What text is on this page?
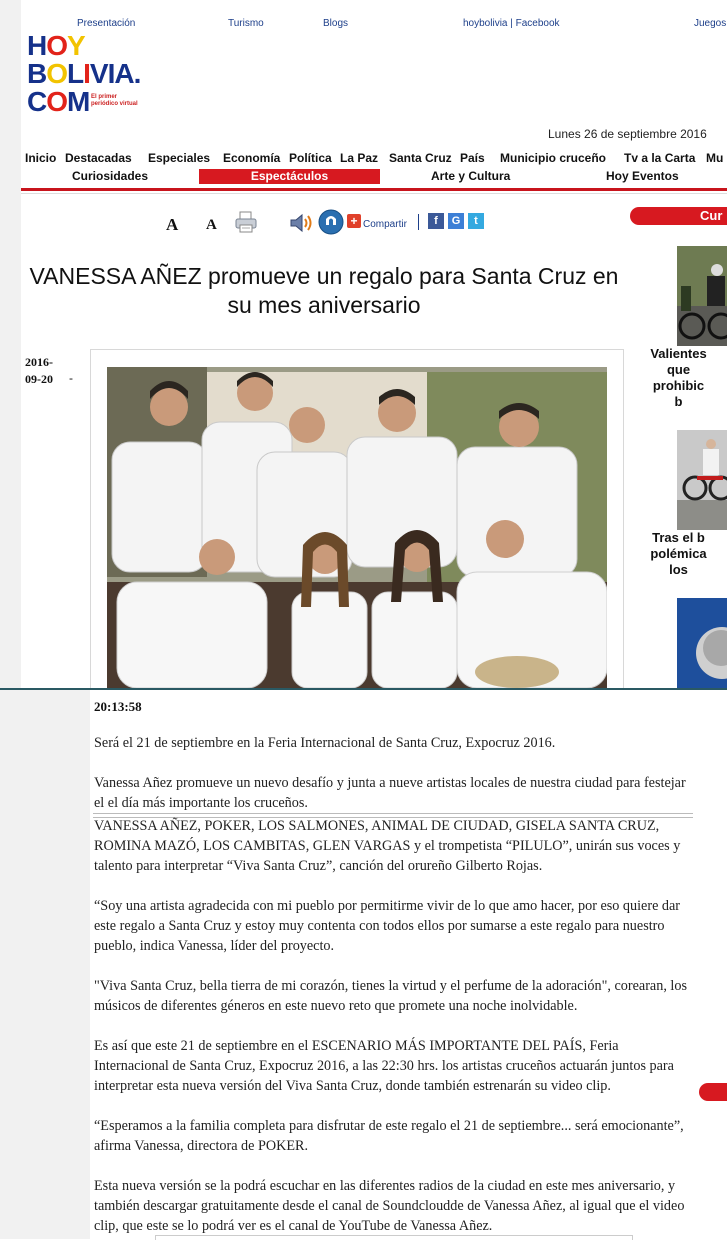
Presentación	Turismo	Blogs	hoybolivia | Facebook	Juegos
HOY
BOLIVIA.
COM El primer periódico virtual
Lunes 26 de septiembre 2016
Inicio Destacadas Especiales Economía Política La Paz Santa Cruz País Municipio cruceño Tv a la Carta Mu
Curiosidades	Espectáculos	Arte y Cultura	Hoy Eventos
A A	+ Compartir	f	G	t	Cur
Valientes
que
prohibic
b
Tras el b
polémica
los
VANESSA AÑEZ promueve un regalo para Santa Cruz en su mes aniversario
2016-
09-20 -
20:13:58

Será el 21 de septiembre en la Feria Internacional de Santa Cruz, Expocruz 2016.

Vanessa Añez promueve un nuevo desafío y junta a nueve artistas locales de nuestra ciudad para festejar el el día más importante los cruceños.

VANESSA AÑEZ, POKER, LOS SALMONES, ANIMAL DE CIUDAD, GISELA SANTA CRUZ, ROMINA MAZÓ, LOS CAMBITAS, GLEN VARGAS y el trompetista “PILULO”, unirán sus voces y talento para interpretar “Viva Santa Cruz”, canción del orureño Gilberto Rojas.

“Soy una artista agradecida con mi pueblo por permitirme vivir de lo que amo hacer, por eso quiere dar este regalo a Santa Cruz y estoy muy contenta con todos ellos por sumarse a este regalo para nuestro pueblo, indica Vanessa, líder del proyecto.

"Viva Santa Cruz, bella tierra de mi corazón, tienes la virtud y el perfume de la adoración", corearan, los músicos de diferentes géneros en este nuevo reto que promete una noche inolvidable.

Es así que este 21 de septiembre en el ESCENARIO MÁS IMPORTANTE DEL PAÍS, Feria Internacional de Santa Cruz, Expocruz 2016, a las 22:30 hrs. los artistas cruceños actuarán juntos para interpretar esta nueva versión del Viva Santa Cruz, donde también estrenarán su video clip.

“Esperamos a la familia completa para disfrutar de este regalo el 21 de septiembre... será emocionante”, afirma Vanessa, directora de POKER.

Esta nueva versión se la podrá escuchar en las diferentes radios de la ciudad en este mes aniversario, y también descargar gratuitamente desde el canal de Soundcloudde de Vanessa Añez, al igual que el video clip, que este se lo podrá ver es el canal de YouTube de Vanessa Añez.
